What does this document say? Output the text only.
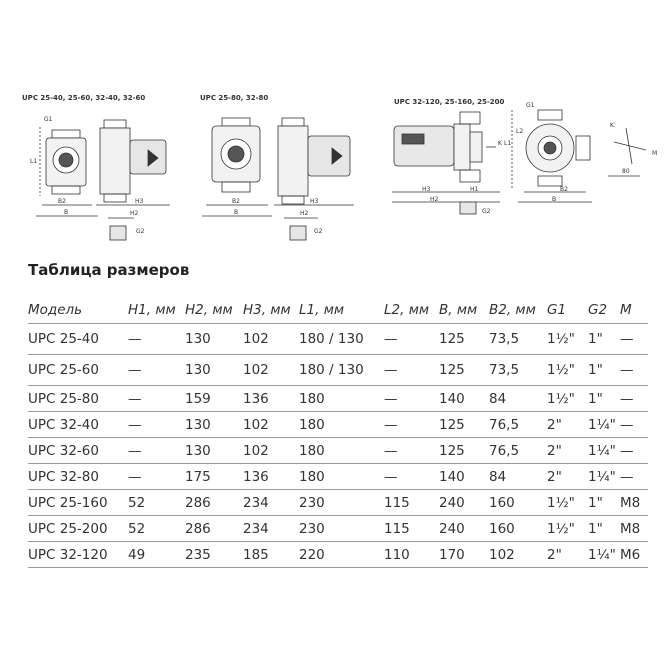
UPC 25-40, 25-60, 32-40, 32-60	UPC 25-80, 32-80	UPC 32-120, 25-160, 25-200
G1
L1
B2
B
H3
H2
G2
B2
B
H3
H2
G2
K
H3	H1
H2
G2
G1
L1
L2
B2
B
K:
M
80
Таблица размеров
Модель	H1, мм	H2, мм	H3, мм	L1, мм	L2, мм	B, мм	B2, мм	G1	G2	M
UPC 25-40	—	130	102	180 / 130	—	125	73,5	1½"	1"	—
UPC 25-60	—	130	102	180 / 130	—	125	73,5	1½"	1"	—
UPC 25-80	—	159	136	180	—	140	84	1½"	1"	—
UPC 32-40	—	130	102	180	—	125	76,5	2"	1¼"	—
UPC 32-60	—	130	102	180	—	125	76,5	2"	1¼"	—
UPC 32-80	—	175	136	180	—	140	84	2"	1¼"	—
UPC 25-160	52	286	234	230	115	240	160	1½"	1"	M8
UPC 25-200	52	286	234	230	115	240	160	1½"	1"	M8
UPC 32-120	49	235	185	220	110	170	102	2"	1¼"	M6
